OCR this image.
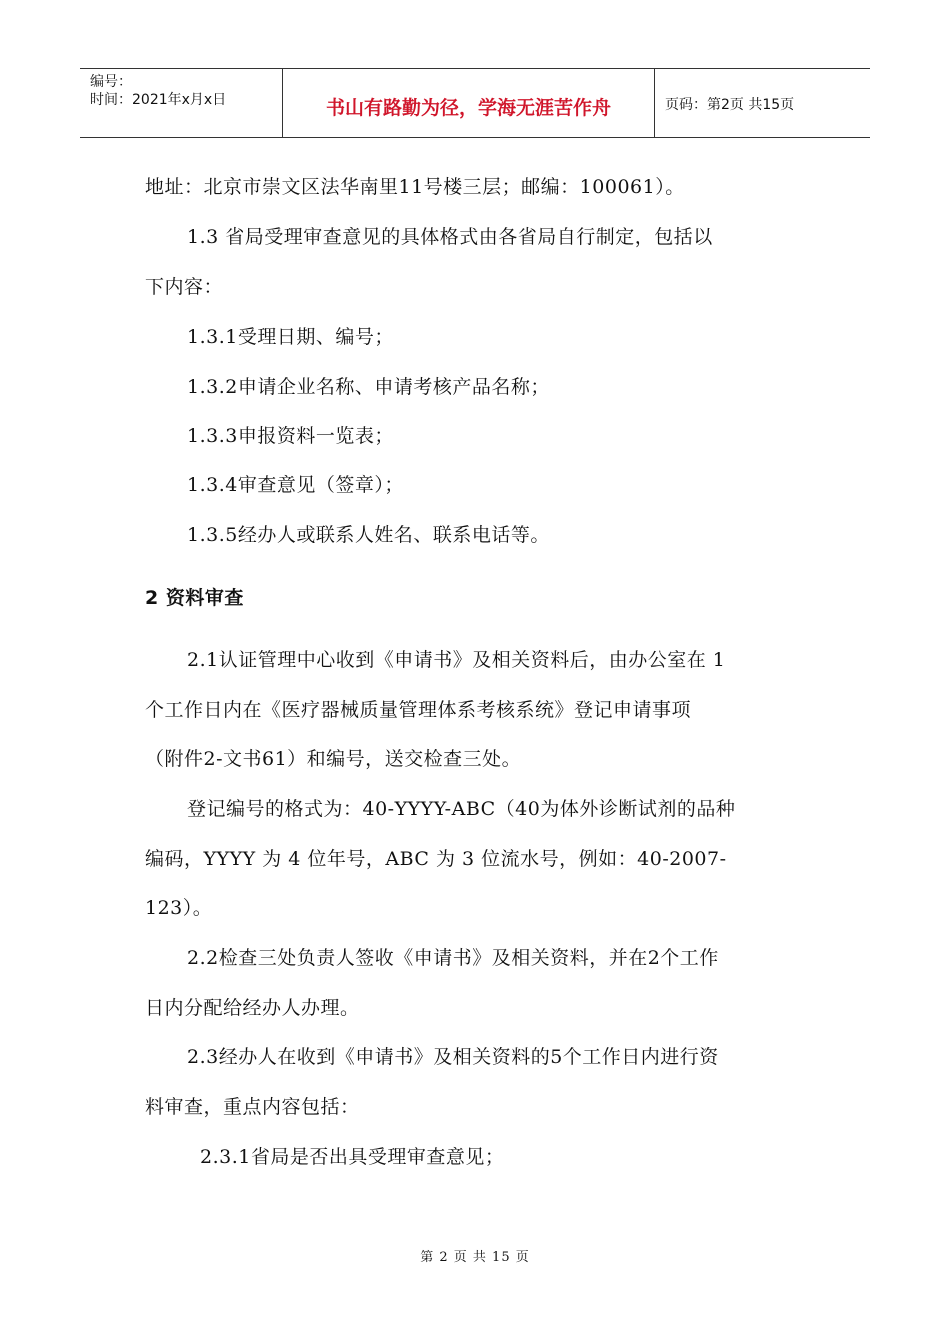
编号：
时间：2021年x月x日	书山有路勤为径，学海无涯苦作舟	页码：第2页 共15页
地址：北京市崇文区法华南里11号楼三层；邮编：100061）。
1.3 省局受理审查意见的具体格式由各省局自行制定，包括以
下内容：
1.3.1受理日期、编号；
1.3.2申请企业名称、申请考核产品名称；
1.3.3申报资料一览表；
1.3.4审查意见（签章）；
1.3.5经办人或联系人姓名、联系电话等。
2 资料审查
2.1认证管理中心收到《申请书》及相关资料后，由办公室在 1
个工作日内在《医疗器械质量管理体系考核系统》登记申请事项
（附件2-文书61）和编号，送交检查三处。
登记编号的格式为：40-YYYY-ABC（40为体外诊断试剂的品种
编码，YYYY 为 4 位年号，ABC 为 3 位流水号，例如：40-2007-
123）。
2.2检查三处负责人签收《申请书》及相关资料，并在2个工作
日内分配给经办人办理。
2.3经办人在收到《申请书》及相关资料的5个工作日内进行资
料审查，重点内容包括：
2.3.1省局是否出具受理审查意见；
第 2 页 共 15 页
